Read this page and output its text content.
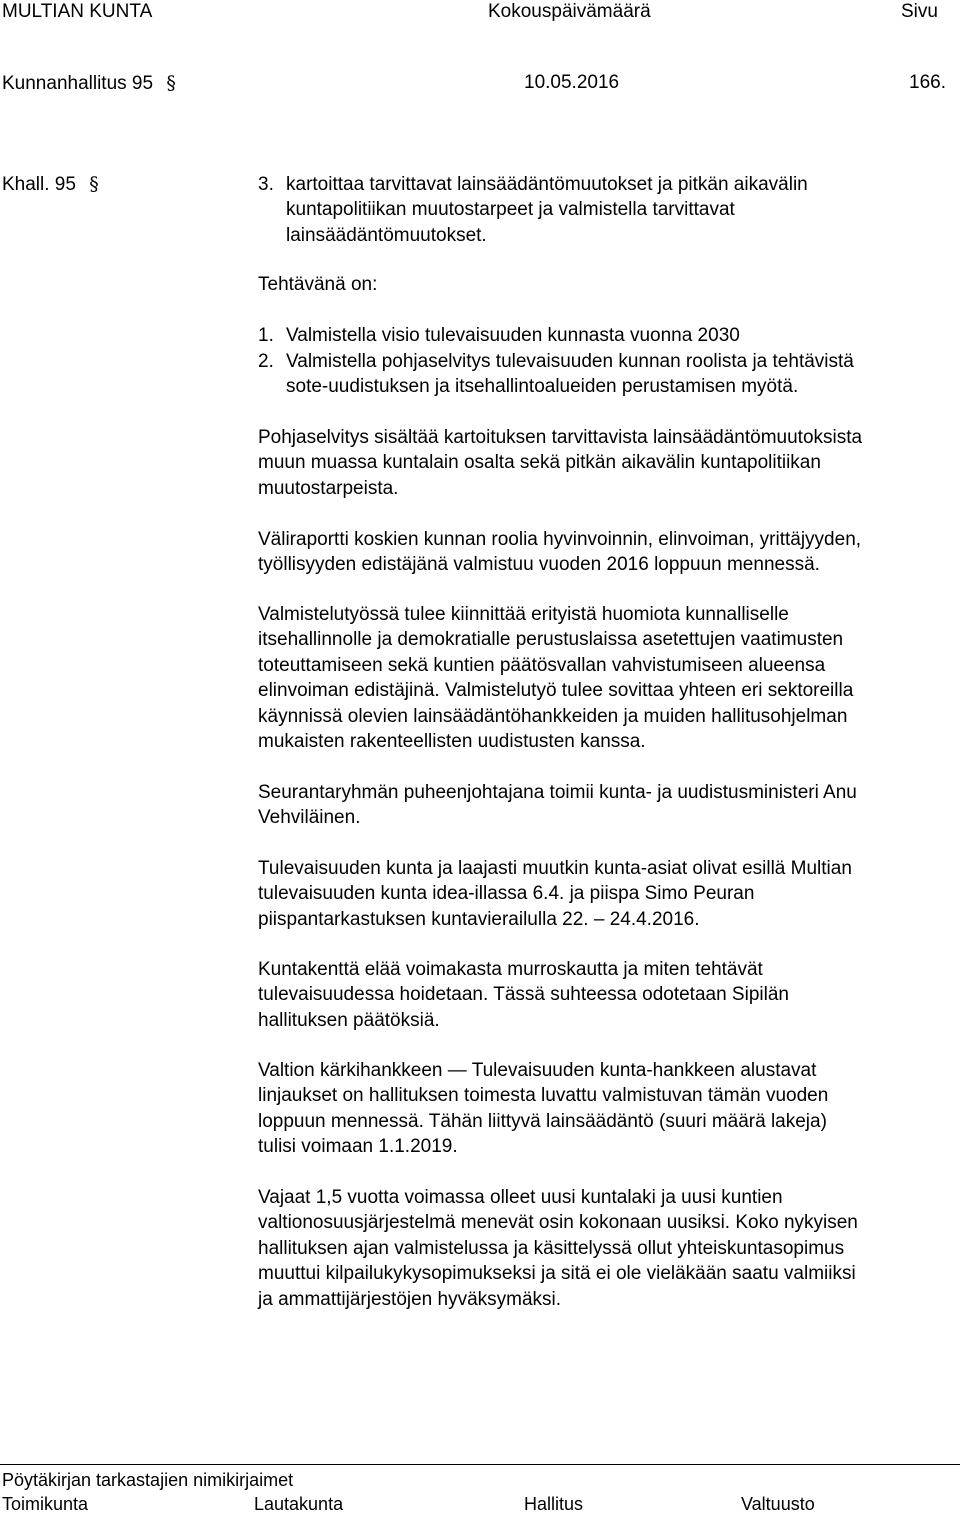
MULTIAN KUNTA	Kokouspäivämäärä	Sivu
Kunnanhallitus 95 §	10.05.2016	166.
Khall. 95 §	3. kartoittaa tarvittavat lainsäädäntömuutokset ja pitkän aikavälin
kuntapolitiikan muutostarpeet ja valmistella tarvittavat
lainsäädäntömuutokset.
Tehtävänä on:
1. Valmistella visio tulevaisuuden kunnasta vuonna 2030
2. Valmistella pohjaselvitys tulevaisuuden kunnan roolista ja tehtävistä
sote-uudistuksen ja itsehallintoalueiden perustamisen myötä.
Pohjaselvitys sisältää kartoituksen tarvittavista lainsäädäntömuutoksista
muun muassa kuntalain osalta sekä pitkän aikavälin kuntapolitiikan
muutostarpeista.
Väliraportti koskien kunnan roolia hyvinvoinnin, elinvoiman, yrittäjyyden,
työllisyyden edistäjänä valmistuu vuoden 2016 loppuun mennessä.
Valmistelutyössä tulee kiinnittää erityistä huomiota kunnalliselle
itsehallinnolle ja demokratialle perustuslaissa asetettujen vaatimusten
toteuttamiseen sekä kuntien päätösvallan vahvistumiseen alueensa
elinvoiman edistäjinä. Valmistelutyö tulee sovittaa yhteen eri sektoreilla
käynnissä olevien lainsäädäntöhankkeiden ja muiden hallitusohjelman
mukaisten rakenteellisten uudistusten kanssa.
Seurantaryhmän puheenjohtajana toimii kunta- ja uudistusministeri Anu
Vehviläinen.
Tulevaisuuden kunta ja laajasti muutkin kunta-asiat olivat esillä Multian
tulevaisuuden kunta idea-illassa 6.4. ja piispa Simo Peuran
piispantarkastuksen kuntavierailulla 22. – 24.4.2016.
Kuntakenttä elää voimakasta murroskautta ja miten tehtävät
tulevaisuudessa hoidetaan. Tässä suhteessa odotetaan Sipilän
hallituksen päätöksiä.
Valtion kärkihankkeen — Tulevaisuuden kunta-hankkeen alustavat
linjaukset on hallituksen toimesta luvattu valmistuvan tämän vuoden
loppuun mennessä. Tähän liittyvä lainsäädäntö (suuri määrä lakeja)
tulisi voimaan 1.1.2019.
Vajaat 1,5 vuotta voimassa olleet uusi kuntalaki ja uusi kuntien
valtionosuusjärjestelmä menevät osin kokonaan uusiksi. Koko nykyisen
hallituksen ajan valmistelussa ja käsittelyssä ollut yhteiskuntasopimus
muuttui kilpailukykysopimukseksi ja sitä ei ole vieläkään saatu valmiiksi
ja ammattijärjestöjen hyväksymäksi.
Pöytäkirjan tarkastajien nimikirjaimet
Toimikunta	Lautakunta	Hallitus	Valtuusto
